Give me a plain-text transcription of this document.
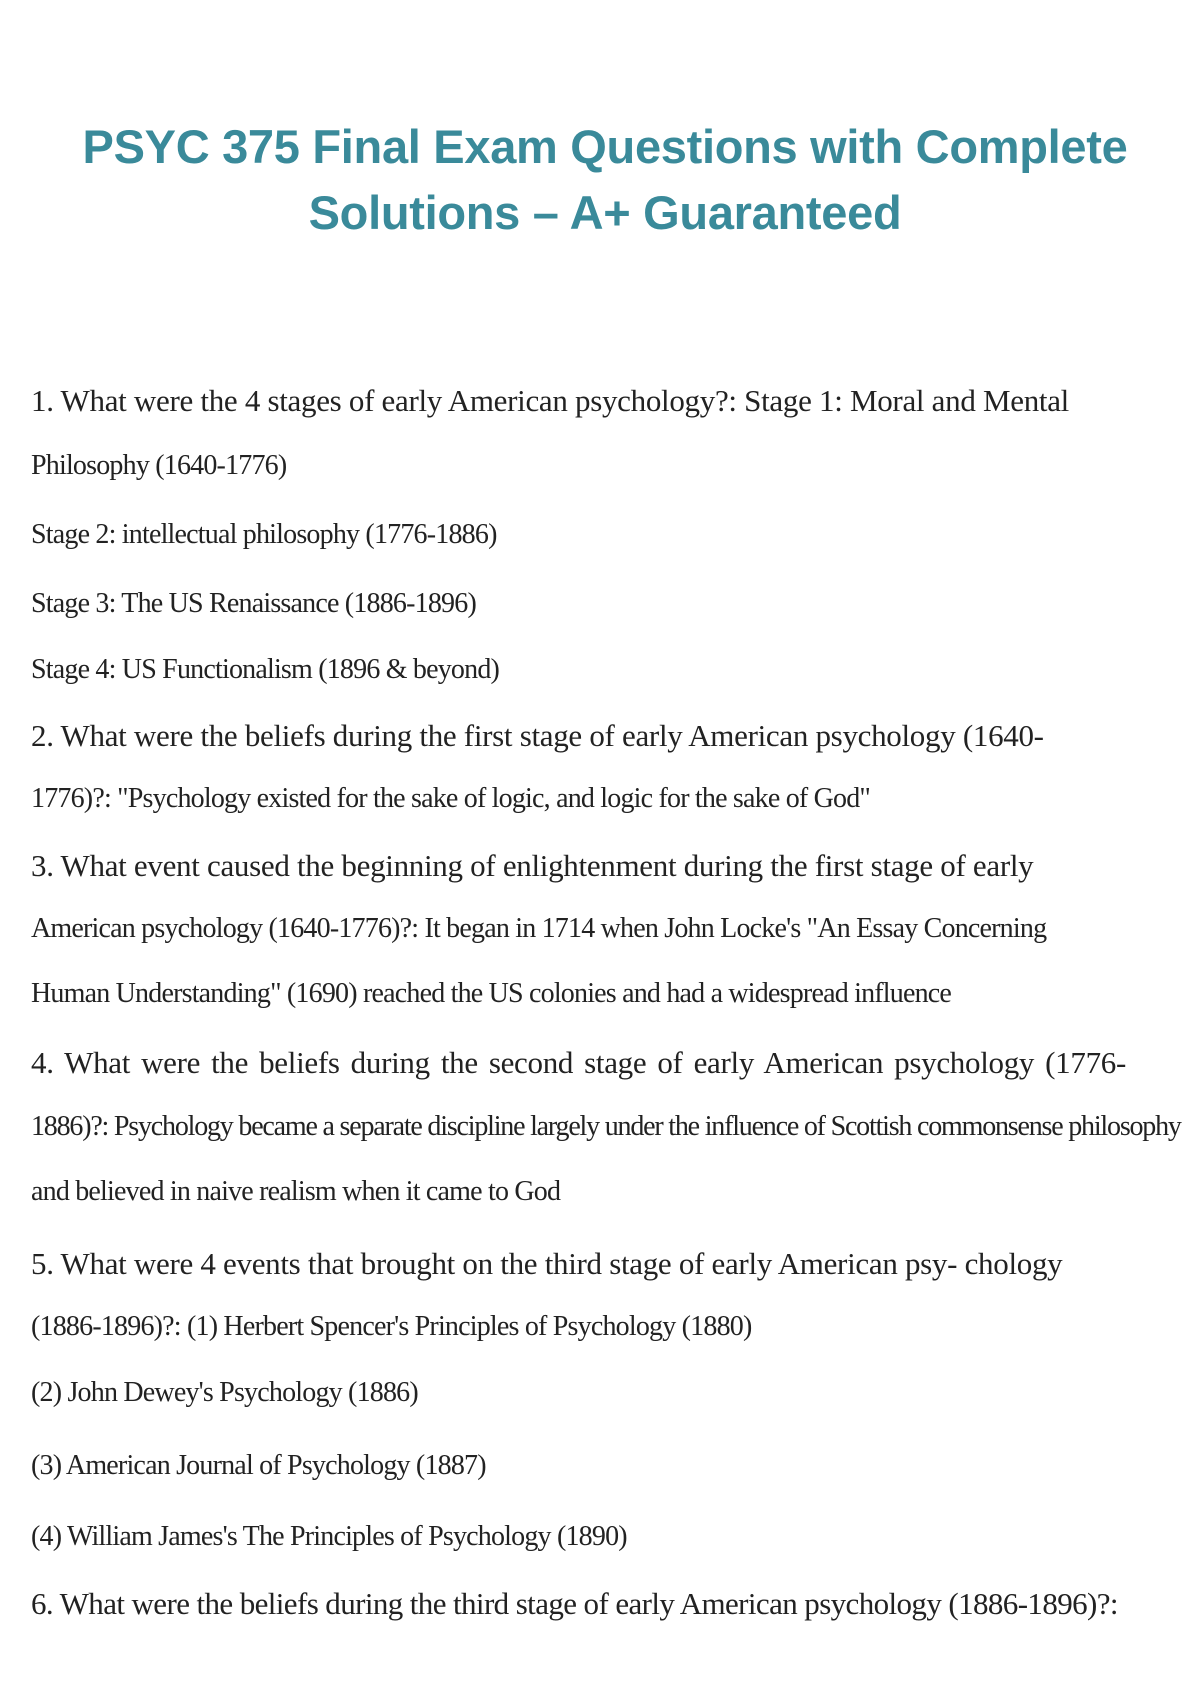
PSYC 375 Final Exam Questions with Complete
Solutions – A+ Guaranteed

1. What were the 4 stages of early American psychology?: Stage 1: Moral and Mental

Philosophy (1640-1776)

Stage 2: intellectual philosophy (1776-1886)

Stage 3: The US Renaissance (1886-1896)

Stage 4: US Functionalism (1896 & beyond)

2. What were the beliefs during the first stage of early American psychology (1640-

1776)?: "Psychology existed for the sake of logic, and logic for the sake of God"

3. What event caused the beginning of enlightenment during the first stage of early

American psychology (1640-1776)?: It began in 1714 when John Locke's "An Essay Concerning

Human Understanding" (1690) reached the US colonies and had a widespread influence

4. What were the beliefs during the second stage of early American psychology (1776-

1886)?: Psychology became a separate discipline largely under the influence of Scottish commonsense philosophy

and believed in naive realism when it came to God

5. What were 4 events that brought on the third stage of early American psy- chology

(1886-1896)?: (1) Herbert Spencer's Principles of Psychology (1880)

(2) John Dewey's Psychology (1886)

(3) American Journal of Psychology (1887)

(4) William James's The Principles of Psychology (1890)

6. What were the beliefs during the third stage of early American psychology (1886-1896)?:
